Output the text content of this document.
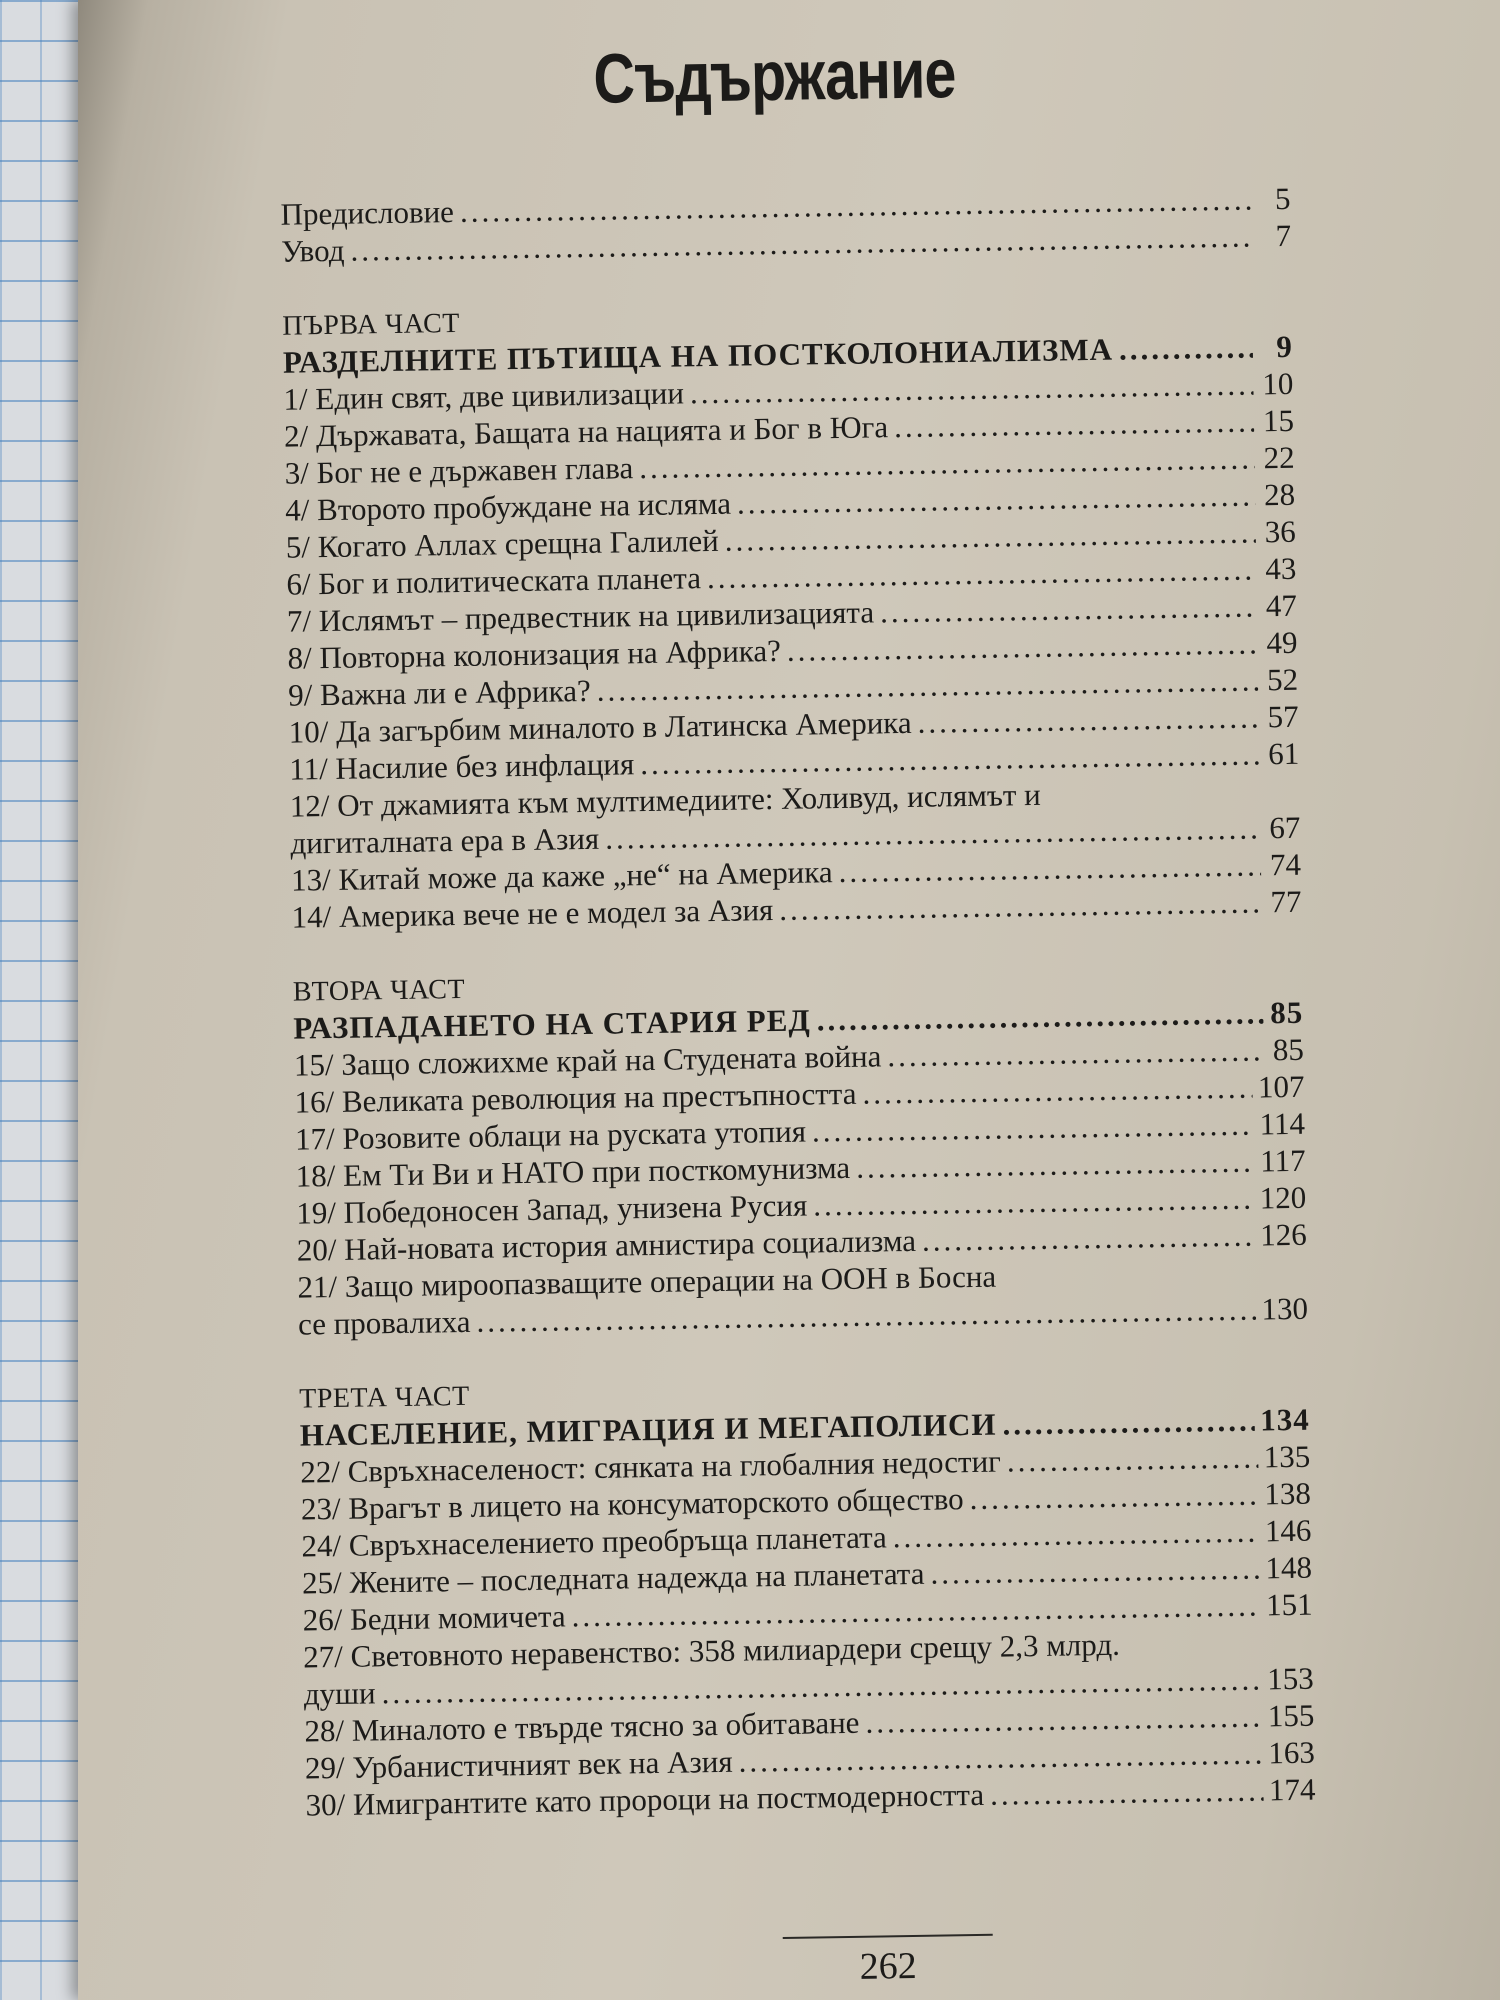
Съдържание
Предисловие .....	5
Увод .....	7
ПЪРВА ЧАСТ
РАЗДЕЛНИТЕ ПЪТИЩА НА ПОСТКОЛОНИАЛИЗМА .....	9
1/ Един свят, две цивилизации .....	10
2/ Държавата, Бащата на нацията и Бог в Юга .....	15
3/ Бог не е държавен глава .....	22
4/ Второто пробуждане на исляма .....	28
5/ Когато Аллах срещна Галилей .....	36
6/ Бог и политическата планета .....	43
7/ Ислямът – предвестник на цивилизацията .....	47
8/ Повторна колонизация на Африка? .....	49
9/ Важна ли е Африка? .....	52
10/ Да загърбим миналото в Латинска Америка .....	57
11/ Насилие без инфлация .....	61
12/ От джамията към мултимедиите: Холивуд, ислямът и
дигиталната ера в Азия .....	67
13/ Китай може да каже „не“ на Америка .....	74
14/ Америка вече не е модел за Азия .....	77
ВТОРА ЧАСТ
РАЗПАДАНЕТО НА СТАРИЯ РЕД .....	85
15/ Защо сложихме край на Студената война .....	85
16/ Великата революция на престъпността .....	107
17/ Розовите облаци на руската утопия .....	114
18/ Ем Ти Ви и НАТО при посткомунизма .....	117
19/ Победоносен Запад, унизена Русия .....	120
20/ Най-новата история амнистира социализма .....	126
21/ Защо мироопазващите операции на ООН в Босна
се провалиха .....	130
ТРЕТА ЧАСТ
НАСЕЛЕНИЕ, МИГРАЦИЯ И МЕГАПОЛИСИ .....	134
22/ Свръхнаселеност: сянката на глобалния недостиг .....	135
23/ Врагът в лицето на консуматорското общество .....	138
24/ Свръхнаселението преобръща планетата .....	146
25/ Жените – последната надежда на планетата .....	148
26/ Бедни момичета .....	151
27/ Световното неравенство: 358 милиардери срещу 2,3 млрд.
души .....	153
28/ Миналото е твърде тясно за обитаване .....	155
29/ Урбанистичният век на Азия .....	163
30/ Имигрантите като пророци на постмодерността .....	174
262
